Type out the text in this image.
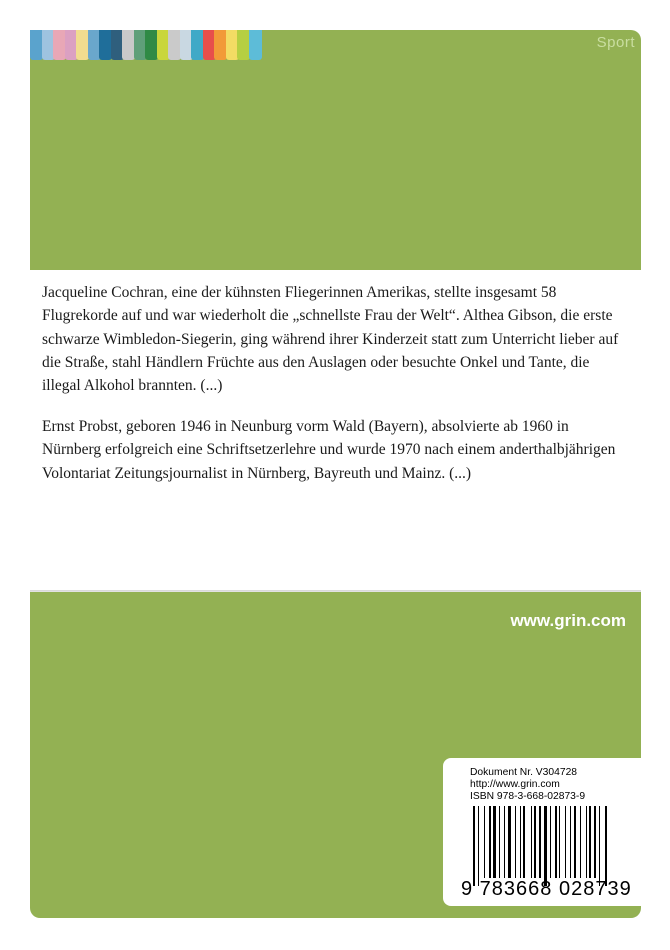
Sport

Jacqueline Cochran, eine der kühnsten Fliegerinnen Amerikas, stellte insgesamt 58 Flugrekorde auf und war wiederholt die „schnellste Frau der Welt“. Althea Gibson, die erste schwarze Wimbledon-Siegerin, ging während ihrer Kinderzeit statt zum Unterricht lieber auf die Straße, stahl Händlern Früchte aus den Auslagen oder besuchte Onkel und Tante, die illegal Alkohol brannten. (...)

Ernst Probst, geboren 1946 in Neunburg vorm Wald (Bayern), absolvierte ab 1960 in Nürnberg erfolgreich eine Schriftsetzerlehre und wurde 1970 nach einem anderthalbjährigen Volontariat Zeitungsjournalist in Nürnberg, Bayreuth und Mainz. (...)

www.grin.com
Dokument Nr. V304728
http://www.grin.com
ISBN 978-3-668-02873-9
9 783668 028739
